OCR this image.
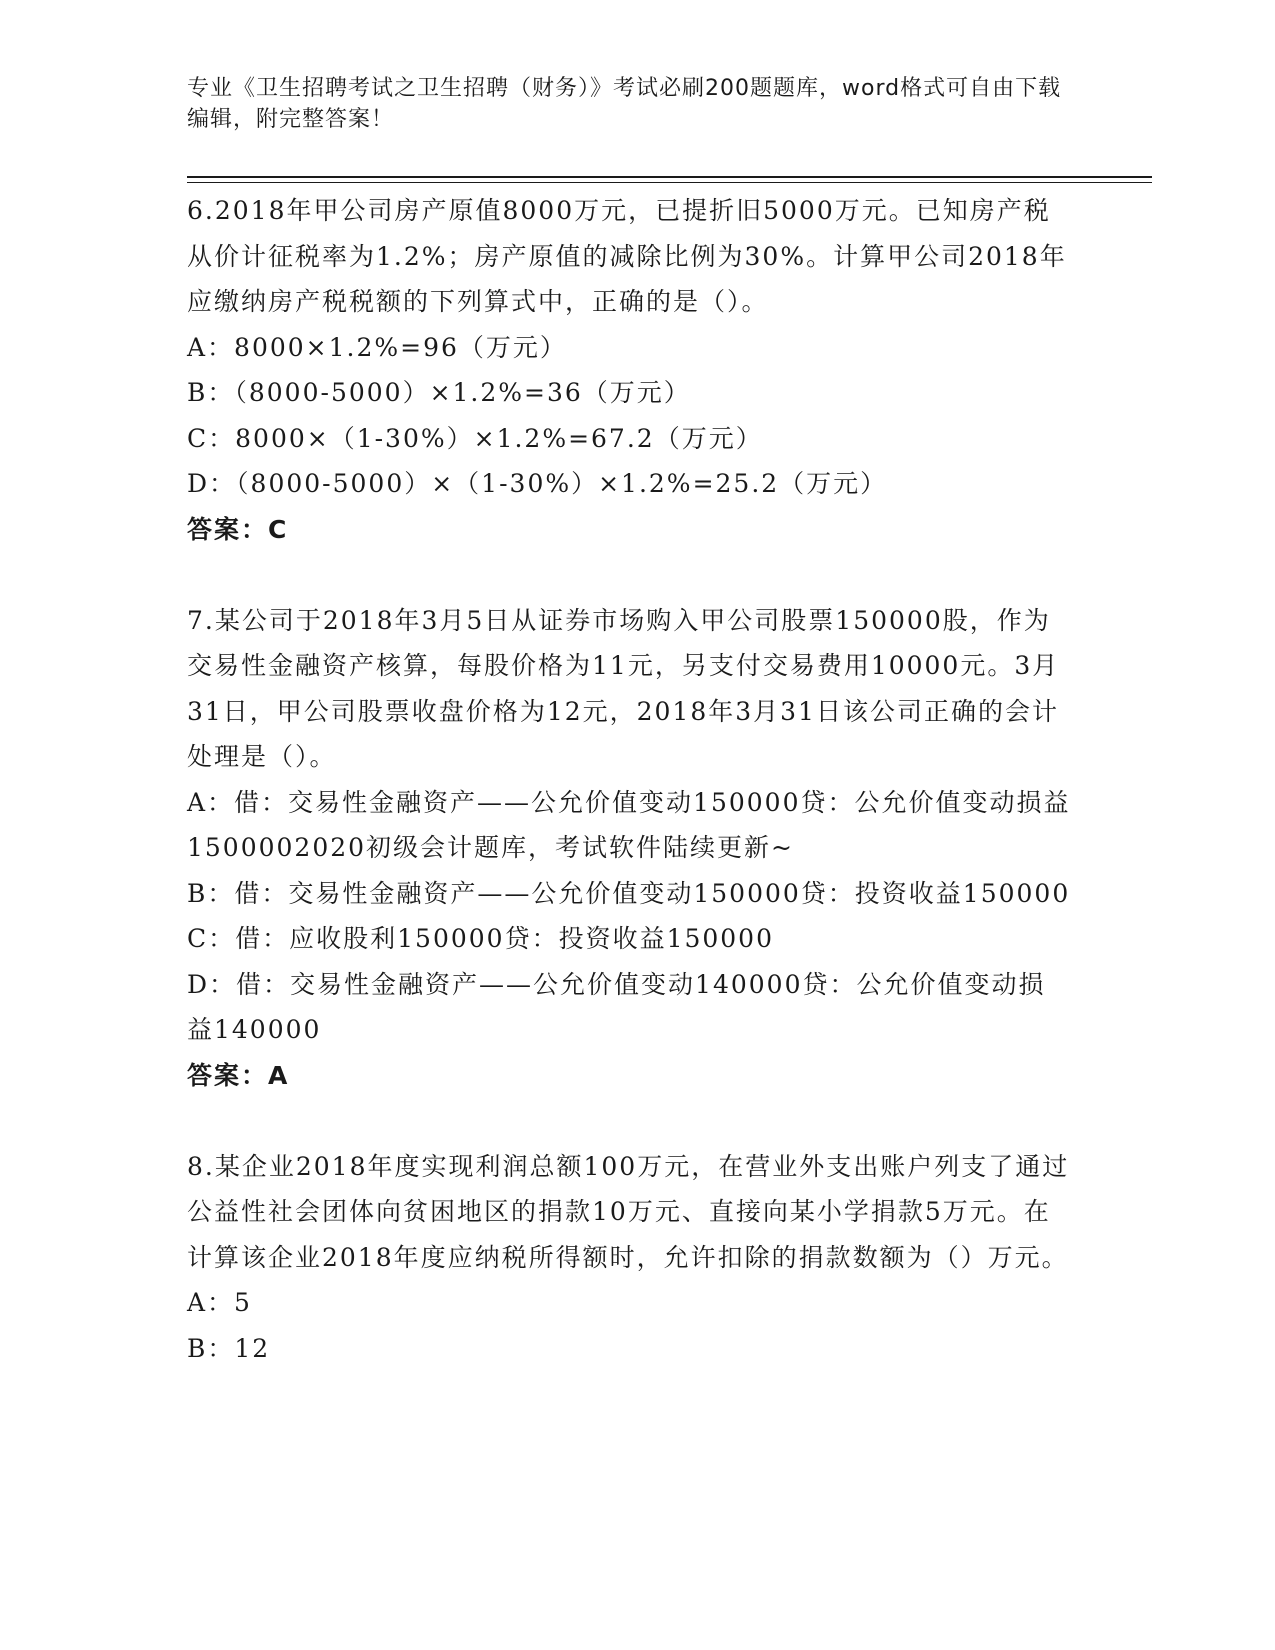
专业《卫生招聘考试之卫生招聘（财务）》考试必刷200题题库，word格式可自由下载编辑，附完整答案！

6.2018年甲公司房产原值8000万元，已提折旧5000万元。已知房产税从价计征税率为1.2%；房产原值的减除比例为30%。计算甲公司2018年应缴纳房产税税额的下列算式中，正确的是（）。

A：8000×1.2%=96（万元）

B：（8000-5000）×1.2%=36（万元）

C：8000×（1-30%）×1.2%=67.2（万元）

D：（8000-5000）×（1-30%）×1.2%=25.2（万元）

答案：C

7.某公司于2018年3月5日从证券市场购入甲公司股票150000股，作为交易性金融资产核算，每股价格为11元，另支付交易费用10000元。3月31日，甲公司股票收盘价格为12元，2018年3月31日该公司正确的会计处理是（）。

A：借：交易性金融资产——公允价值变动150000贷：公允价值变动损益1500002020初级会计题库，考试软件陆续更新~

B：借：交易性金融资产——公允价值变动150000贷：投资收益150000

C：借：应收股利150000贷：投资收益150000

D：借：交易性金融资产——公允价值变动140000贷：公允价值变动损益140000

答案：A

8.某企业2018年度实现利润总额100万元，在营业外支出账户列支了通过公益性社会团体向贫困地区的捐款10万元、直接向某小学捐款5万元。在计算该企业2018年度应纳税所得额时，允许扣除的捐款数额为（）万元。

A：5

B：12
